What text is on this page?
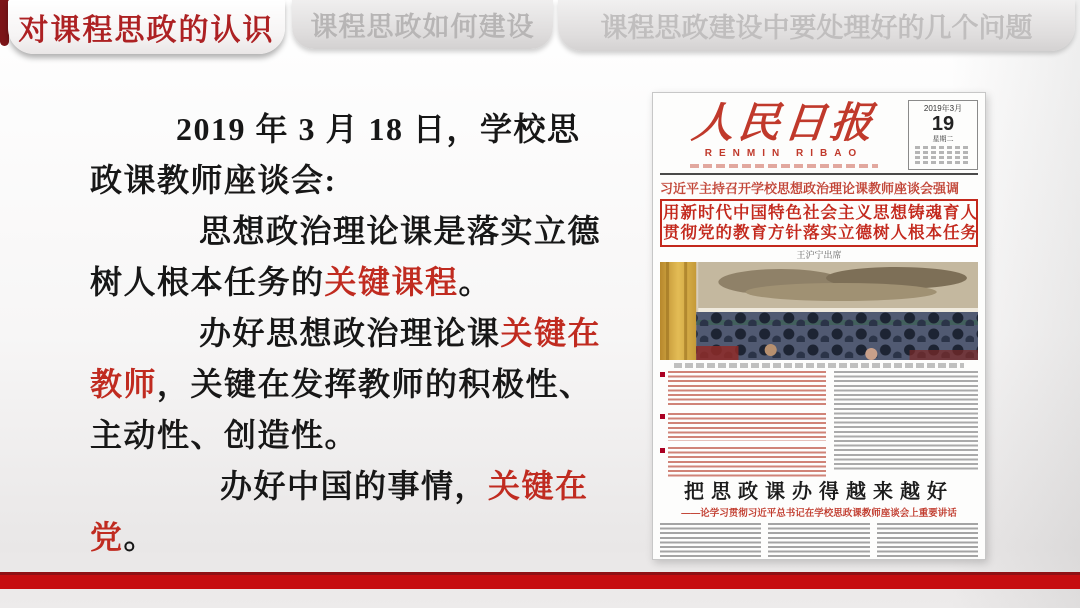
对课程思政的认识 课程思政如何建设 课程思政建设中要处理好的几个问题

2019 年 3 月 18 日，学校思政课教师座谈会:

思想政治理论课是落实立德树人根本任务的关键课程。

办好思想政治理论课关键在教师，关键在发挥教师的积极性、主动性、创造性。

办好中国的事情，关键在党。

人民日报
RENMIN RIBAO
2019年3月
19
星期二
习近平主持召开学校思想政治理论课教师座谈会强调
用新时代中国特色社会主义思想铸魂育人
贯彻党的教育方针落实立德树人根本任务
王沪宁出席
把思政课办得越来越好
——论学习贯彻习近平总书记在学校思政课教师座谈会上重要讲话
